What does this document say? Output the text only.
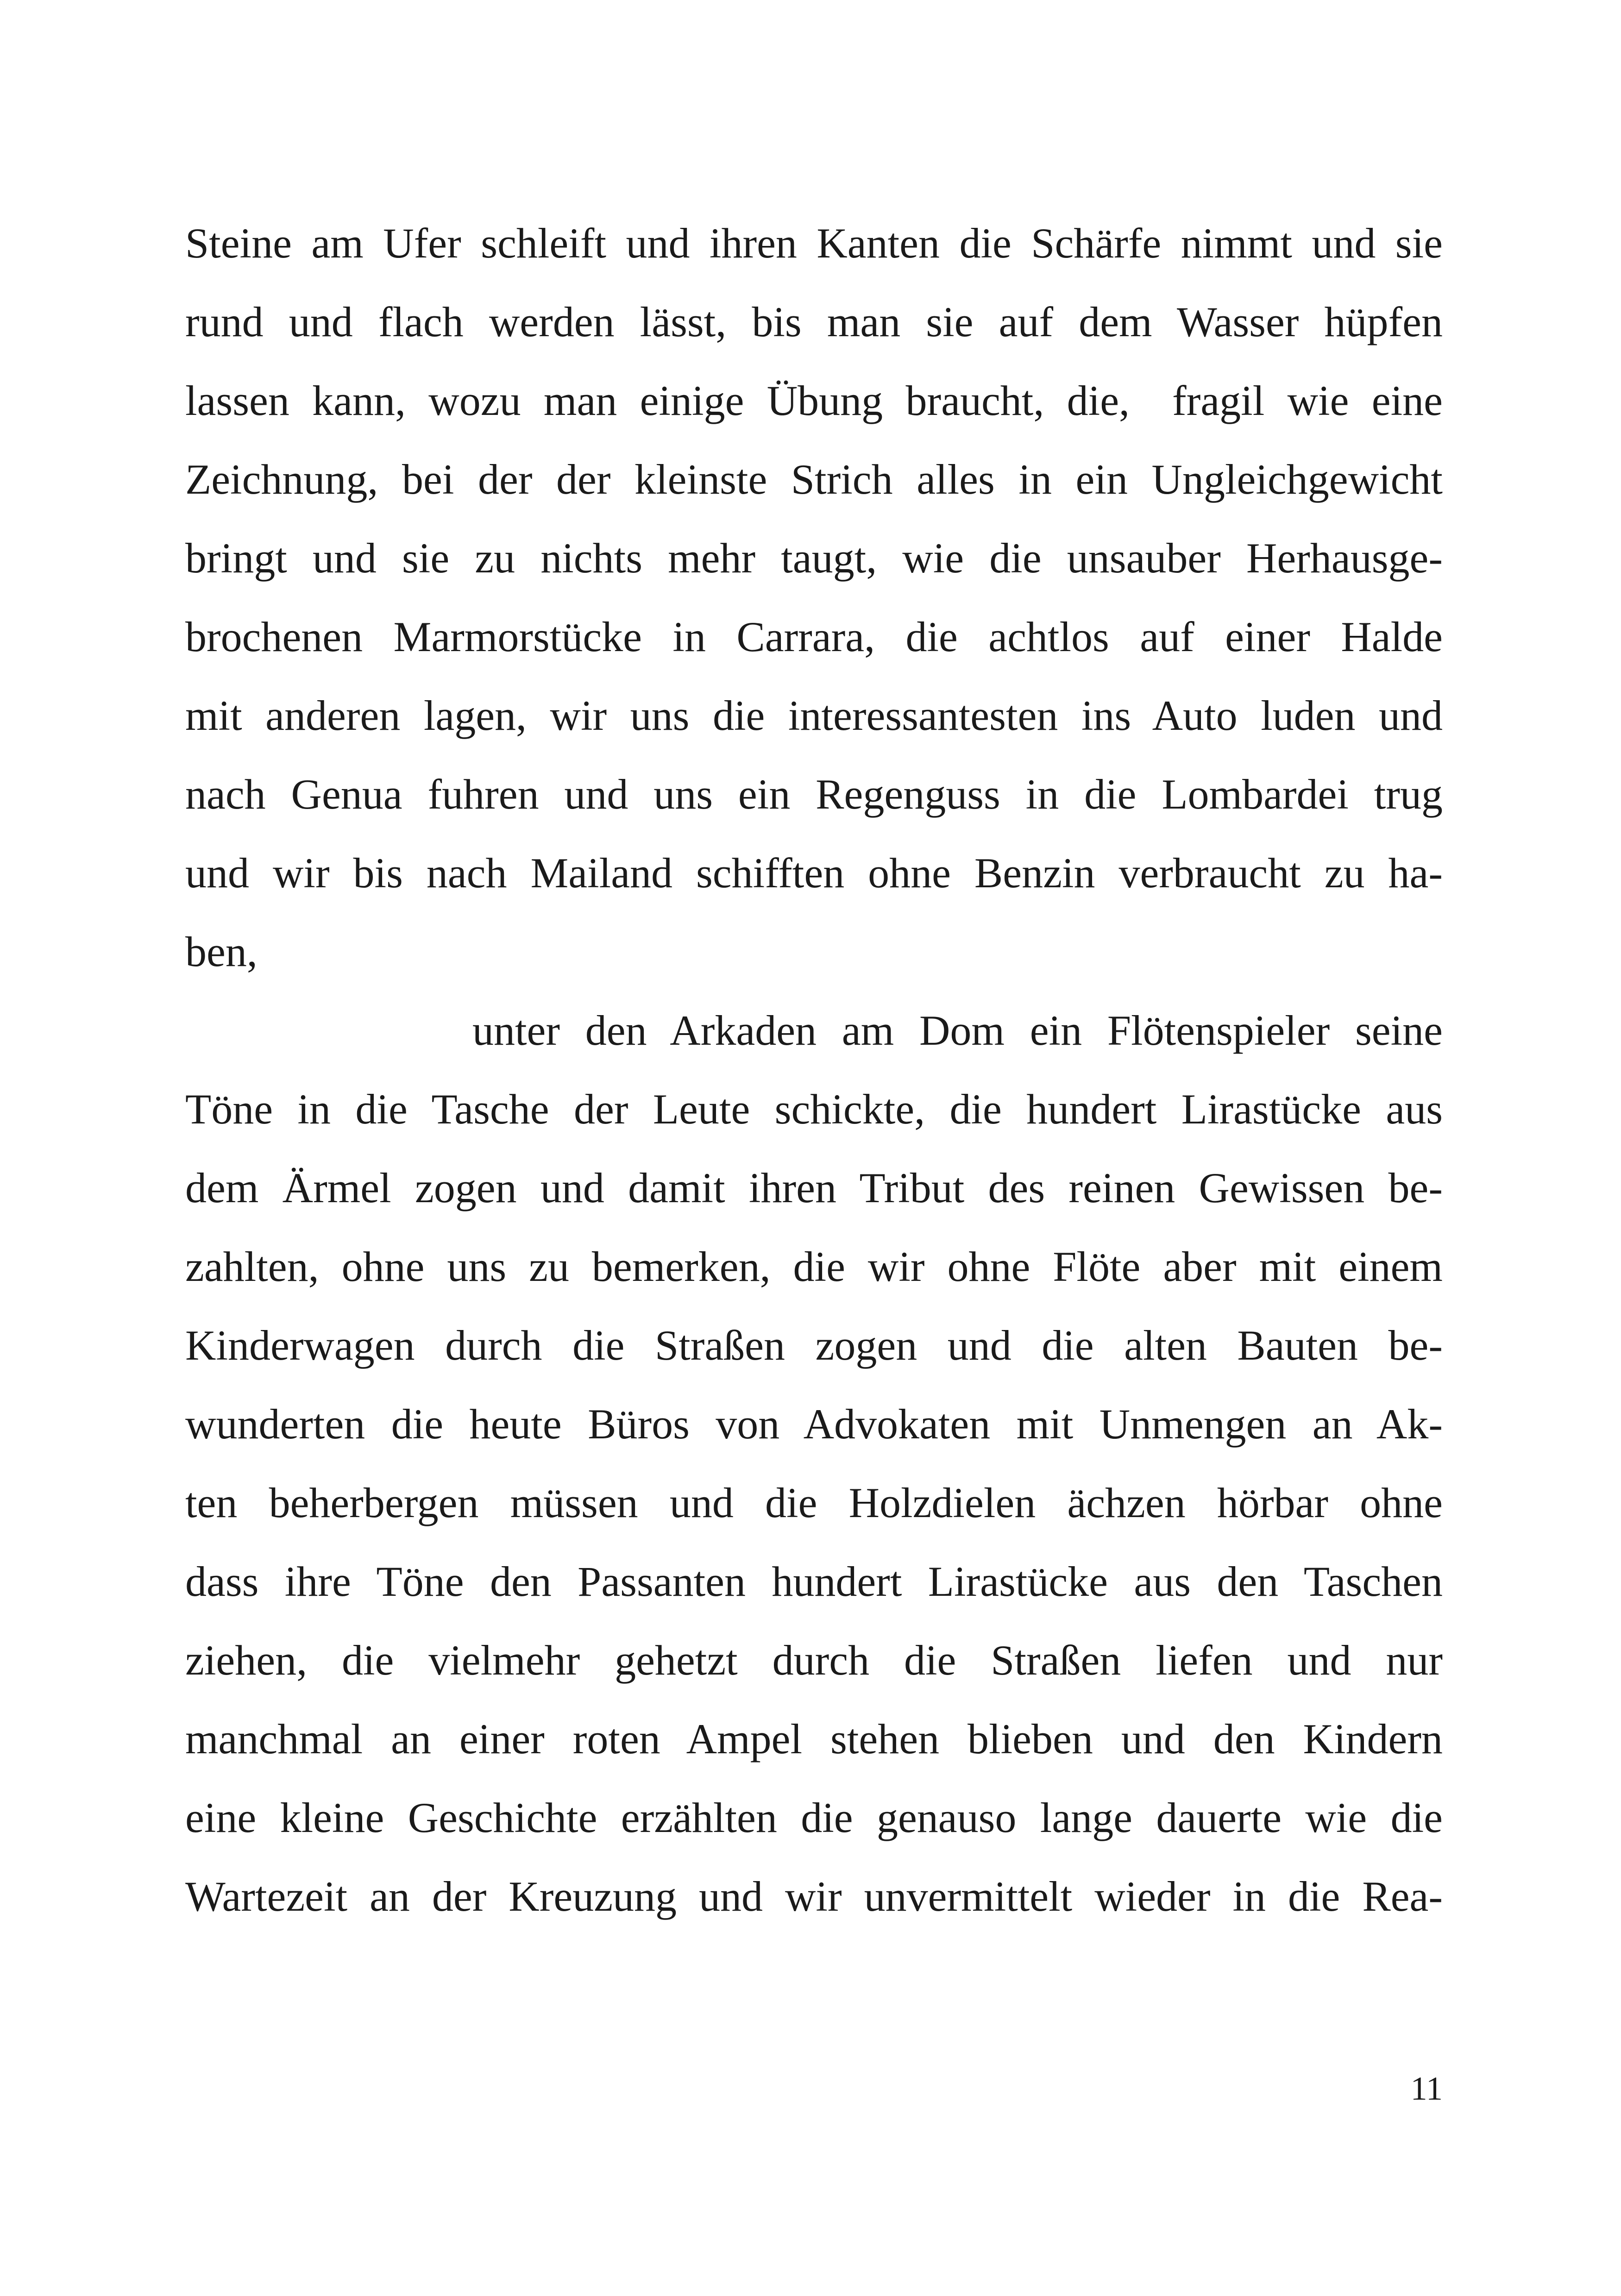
Steine am Ufer schleift und ihren Kanten die Schärfe nimmt und sie
rund und flach werden lässt, bis man sie auf dem Wasser hüpfen
lassen kann, wozu man einige Übung braucht, die, fragil wie eine
Zeichnung, bei der der kleinste Strich alles in ein Ungleichgewicht
bringt und sie zu nichts mehr taugt, wie die unsauber Herhausge-
brochenen Marmorstücke in Carrara, die achtlos auf einer Halde
mit anderen lagen, wir uns die interessantesten ins Auto luden und
nach Genua fuhren und uns ein Regenguss in die Lombardei trug
und wir bis nach Mailand schifften ohne Benzin verbraucht zu ha-
ben,
unter den Arkaden am Dom ein Flötenspieler seine
Töne in die Tasche der Leute schickte, die hundert Lirastücke aus
dem Ärmel zogen und damit ihren Tribut des reinen Gewissen be-
zahlten, ohne uns zu bemerken, die wir ohne Flöte aber mit einem
Kinderwagen durch die Straßen zogen und die alten Bauten be-
wunderten die heute Büros von Advokaten mit Unmengen an Ak-
ten beherbergen müssen und die Holzdielen ächzen hörbar ohne
dass ihre Töne den Passanten hundert Lirastücke aus den Taschen
ziehen, die vielmehr gehetzt durch die Straßen liefen und nur
manchmal an einer roten Ampel stehen blieben und den Kindern
eine kleine Geschichte erzählten die genauso lange dauerte wie die
Wartezeit an der Kreuzung und wir unvermittelt wieder in die Rea-
11
